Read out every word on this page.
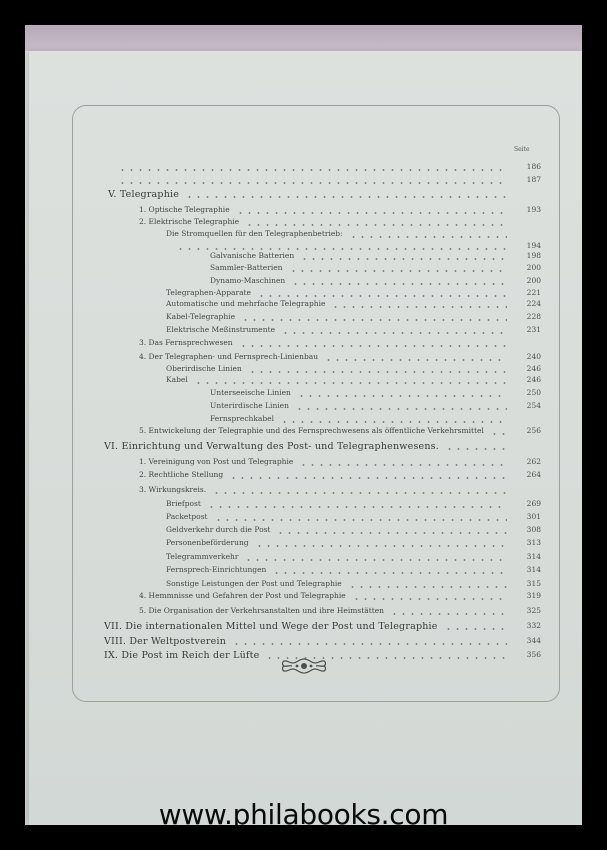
Seite
186
187
V. Telegraphie
1. Optische Telegraphie	193
2. Elektrische Telegraphie
Die Stromquellen für den Telegraphenbetrieb:
194
Galvanische Batterien	198
Sammler-Batterien	200
Dynamo-Maschinen	200
Telegraphen-Apparate	221
Automatische und mehrfache Telegraphie	224
Kabel-Telegraphie	228
Elektrische Meßinstrumente	231
3. Das Fernsprechwesen
4. Der Telegraphen- und Fernsprech-Linienbau	240
Oberirdische Linien	246
Kabel	246
Unterseeische Linien	250
Unterirdische Linien	254
Fernsprechkabel
5. Entwickelung der Telegraphie und des Fernsprechwesens als öffentliche Verkehrsmittel	256
VI. Einrichtung und Verwaltung des Post- und Telegraphenwesens.
1. Vereinigung von Post und Telegraphie	262
2. Rechtliche Stellung	264
3. Wirkungskreis.
Briefpost	269
Packetpost	301
Geldverkehr durch die Post	308
Personenbeförderung	313
Telegrammverkehr	314
Fernsprech-Einrichtungen	314
Sonstige Leistungen der Post und Telegraphie	315
4. Hemmnisse und Gefahren der Post und Telegraphie	319
5. Die Organisation der Verkehrsanstalten und ihre Heimstätten	325
VII. Die internationalen Mittel und Wege der Post und Telegraphie	332
VIII. Der Weltpostverein	344
IX. Die Post im Reich der Lüfte	356
www.philabooks.com
